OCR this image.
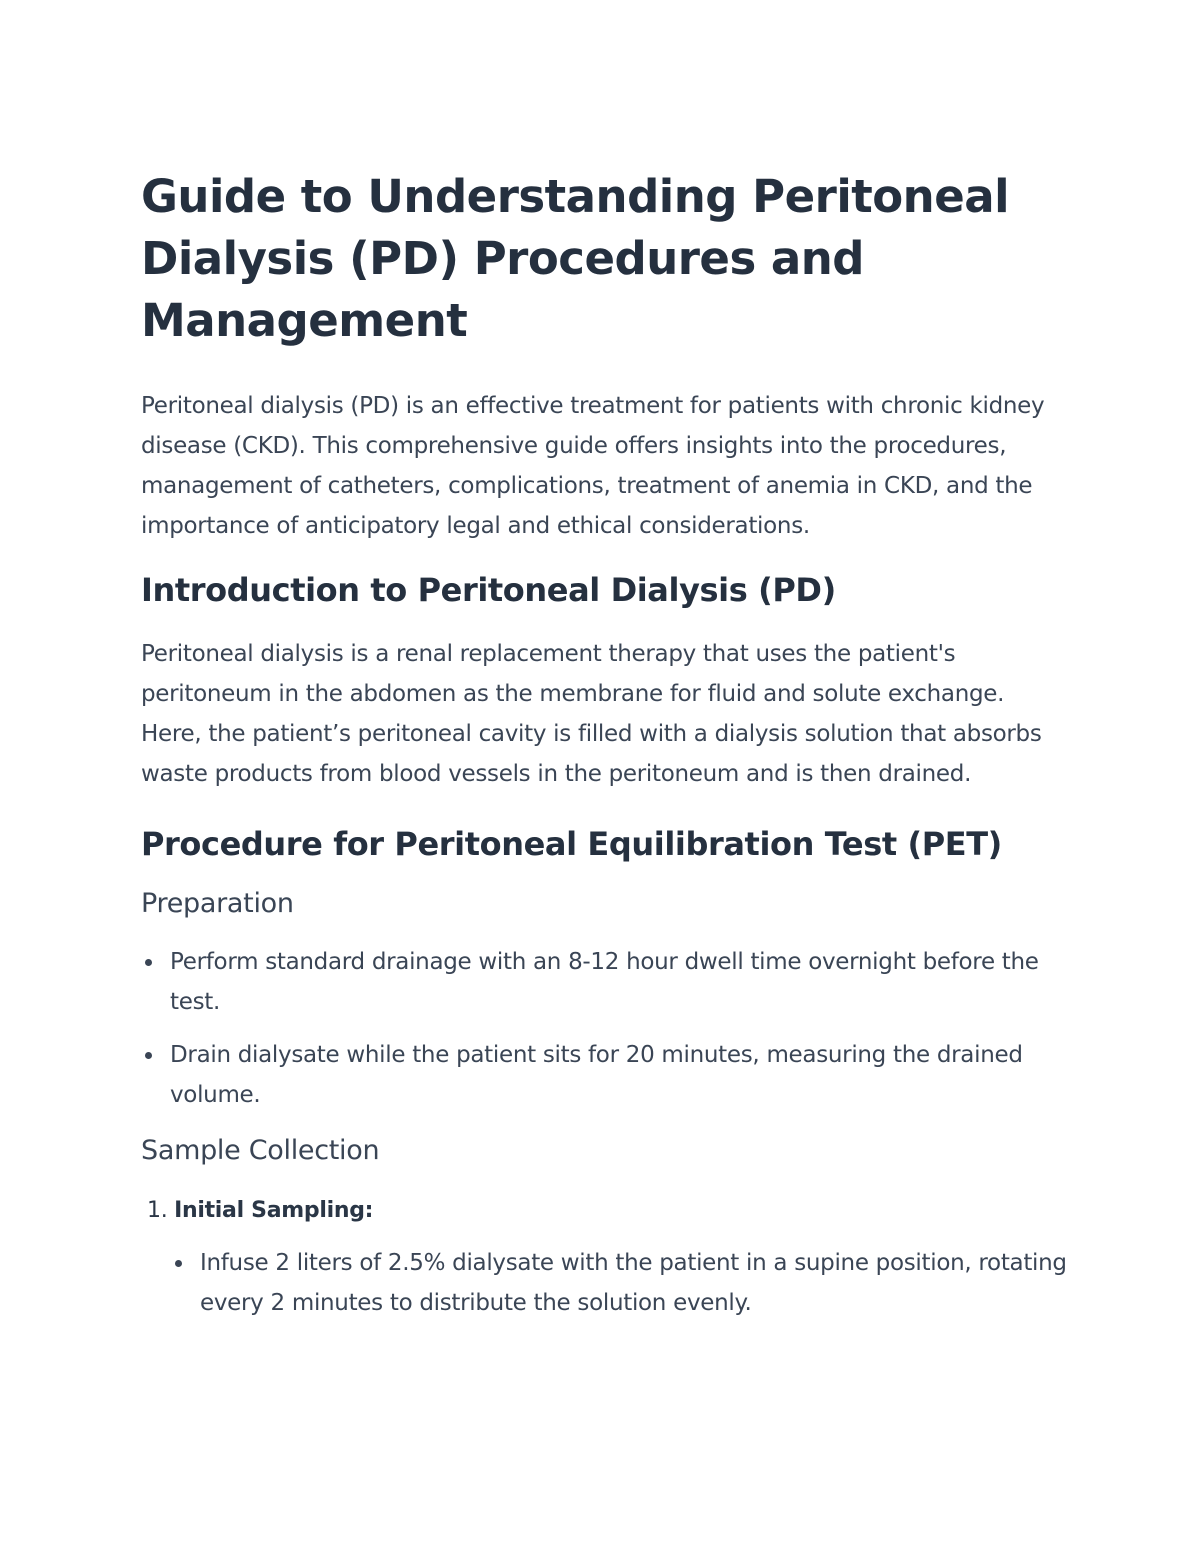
Guide to Understanding Peritoneal Dialysis (PD) Procedures and Management

Peritoneal dialysis (PD) is an effective treatment for patients with chronic kidney disease (CKD). This comprehensive guide offers insights into the procedures, management of catheters, complications, treatment of anemia in CKD, and the importance of anticipatory legal and ethical considerations.

Introduction to Peritoneal Dialysis (PD)

Peritoneal dialysis is a renal replacement therapy that uses the patient's peritoneum in the abdomen as the membrane for fluid and solute exchange. Here, the patient’s peritoneal cavity is filled with a dialysis solution that absorbs waste products from blood vessels in the peritoneum and is then drained.

Procedure for Peritoneal Equilibration Test (PET)
Preparation
Perform standard drainage with an 8-12 hour dwell time overnight before the test.
Drain dialysate while the patient sits for 20 minutes, measuring the drained volume.
Sample Collection
1. Initial Sampling:
Infuse 2 liters of 2.5% dialysate with the patient in a supine position, rotating every 2 minutes to distribute the solution evenly.
